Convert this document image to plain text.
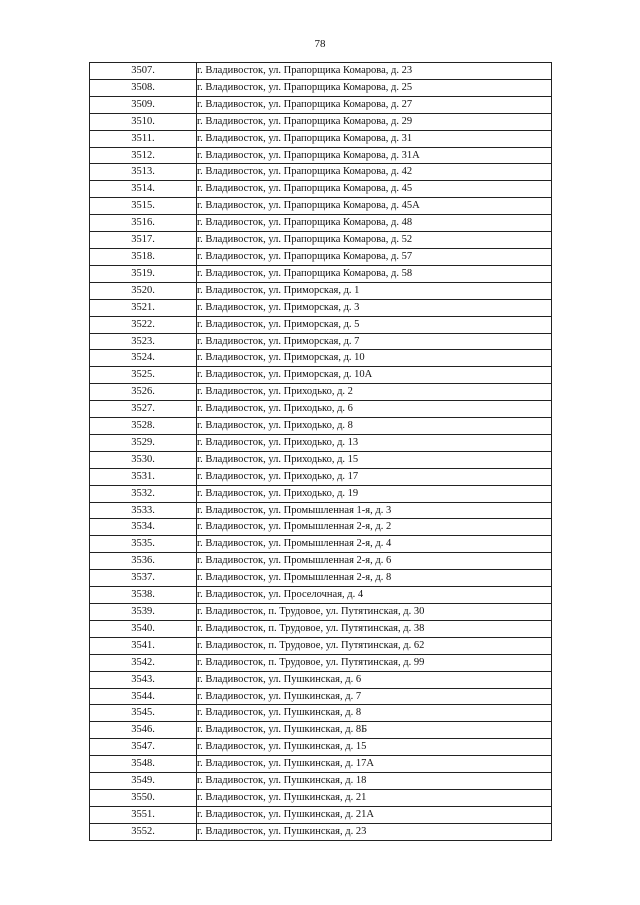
78
3507.	г. Владивосток, ул. Прапорщика Комарова, д. 23
3508.	г. Владивосток, ул. Прапорщика Комарова, д. 25
3509.	г. Владивосток, ул. Прапорщика Комарова, д. 27
3510.	г. Владивосток, ул. Прапорщика Комарова, д. 29
3511.	г. Владивосток, ул. Прапорщика Комарова, д. 31
3512.	г. Владивосток, ул. Прапорщика Комарова, д. 31А
3513.	г. Владивосток, ул. Прапорщика Комарова, д. 42
3514.	г. Владивосток, ул. Прапорщика Комарова, д. 45
3515.	г. Владивосток, ул. Прапорщика Комарова, д. 45А
3516.	г. Владивосток, ул. Прапорщика Комарова, д. 48
3517.	г. Владивосток, ул. Прапорщика Комарова, д. 52
3518.	г. Владивосток, ул. Прапорщика Комарова, д. 57
3519.	г. Владивосток, ул. Прапорщика Комарова, д. 58
3520.	г. Владивосток, ул. Приморская, д. 1
3521.	г. Владивосток, ул. Приморская, д. 3
3522.	г. Владивосток, ул. Приморская, д. 5
3523.	г. Владивосток, ул. Приморская, д. 7
3524.	г. Владивосток, ул. Приморская, д. 10
3525.	г. Владивосток, ул. Приморская, д. 10А
3526.	г. Владивосток, ул. Приходько, д. 2
3527.	г. Владивосток, ул. Приходько, д. 6
3528.	г. Владивосток, ул. Приходько, д. 8
3529.	г. Владивосток, ул. Приходько, д. 13
3530.	г. Владивосток, ул. Приходько, д. 15
3531.	г. Владивосток, ул. Приходько, д. 17
3532.	г. Владивосток, ул. Приходько, д. 19
3533.	г. Владивосток, ул. Промышленная 1-я, д. 3
3534.	г. Владивосток, ул. Промышленная 2-я, д. 2
3535.	г. Владивосток, ул. Промышленная 2-я, д. 4
3536.	г. Владивосток, ул. Промышленная 2-я, д. 6
3537.	г. Владивосток, ул. Промышленная 2-я, д. 8
3538.	г. Владивосток, ул. Проселочная, д. 4
3539.	г. Владивосток, п. Трудовое, ул. Путятинская, д. 30
3540.	г. Владивосток, п. Трудовое, ул. Путятинская, д. 38
3541.	г. Владивосток, п. Трудовое, ул. Путятинская, д. 62
3542.	г. Владивосток, п. Трудовое, ул. Путятинская, д. 99
3543.	г. Владивосток, ул. Пушкинская, д. 6
3544.	г. Владивосток, ул. Пушкинская, д. 7
3545.	г. Владивосток, ул. Пушкинская, д. 8
3546.	г. Владивосток, ул. Пушкинская, д. 8Б
3547.	г. Владивосток, ул. Пушкинская, д. 15
3548.	г. Владивосток, ул. Пушкинская, д. 17А
3549.	г. Владивосток, ул. Пушкинская, д. 18
3550.	г. Владивосток, ул. Пушкинская, д. 21
3551.	г. Владивосток, ул. Пушкинская, д. 21А
3552.	г. Владивосток, ул. Пушкинская, д. 23
